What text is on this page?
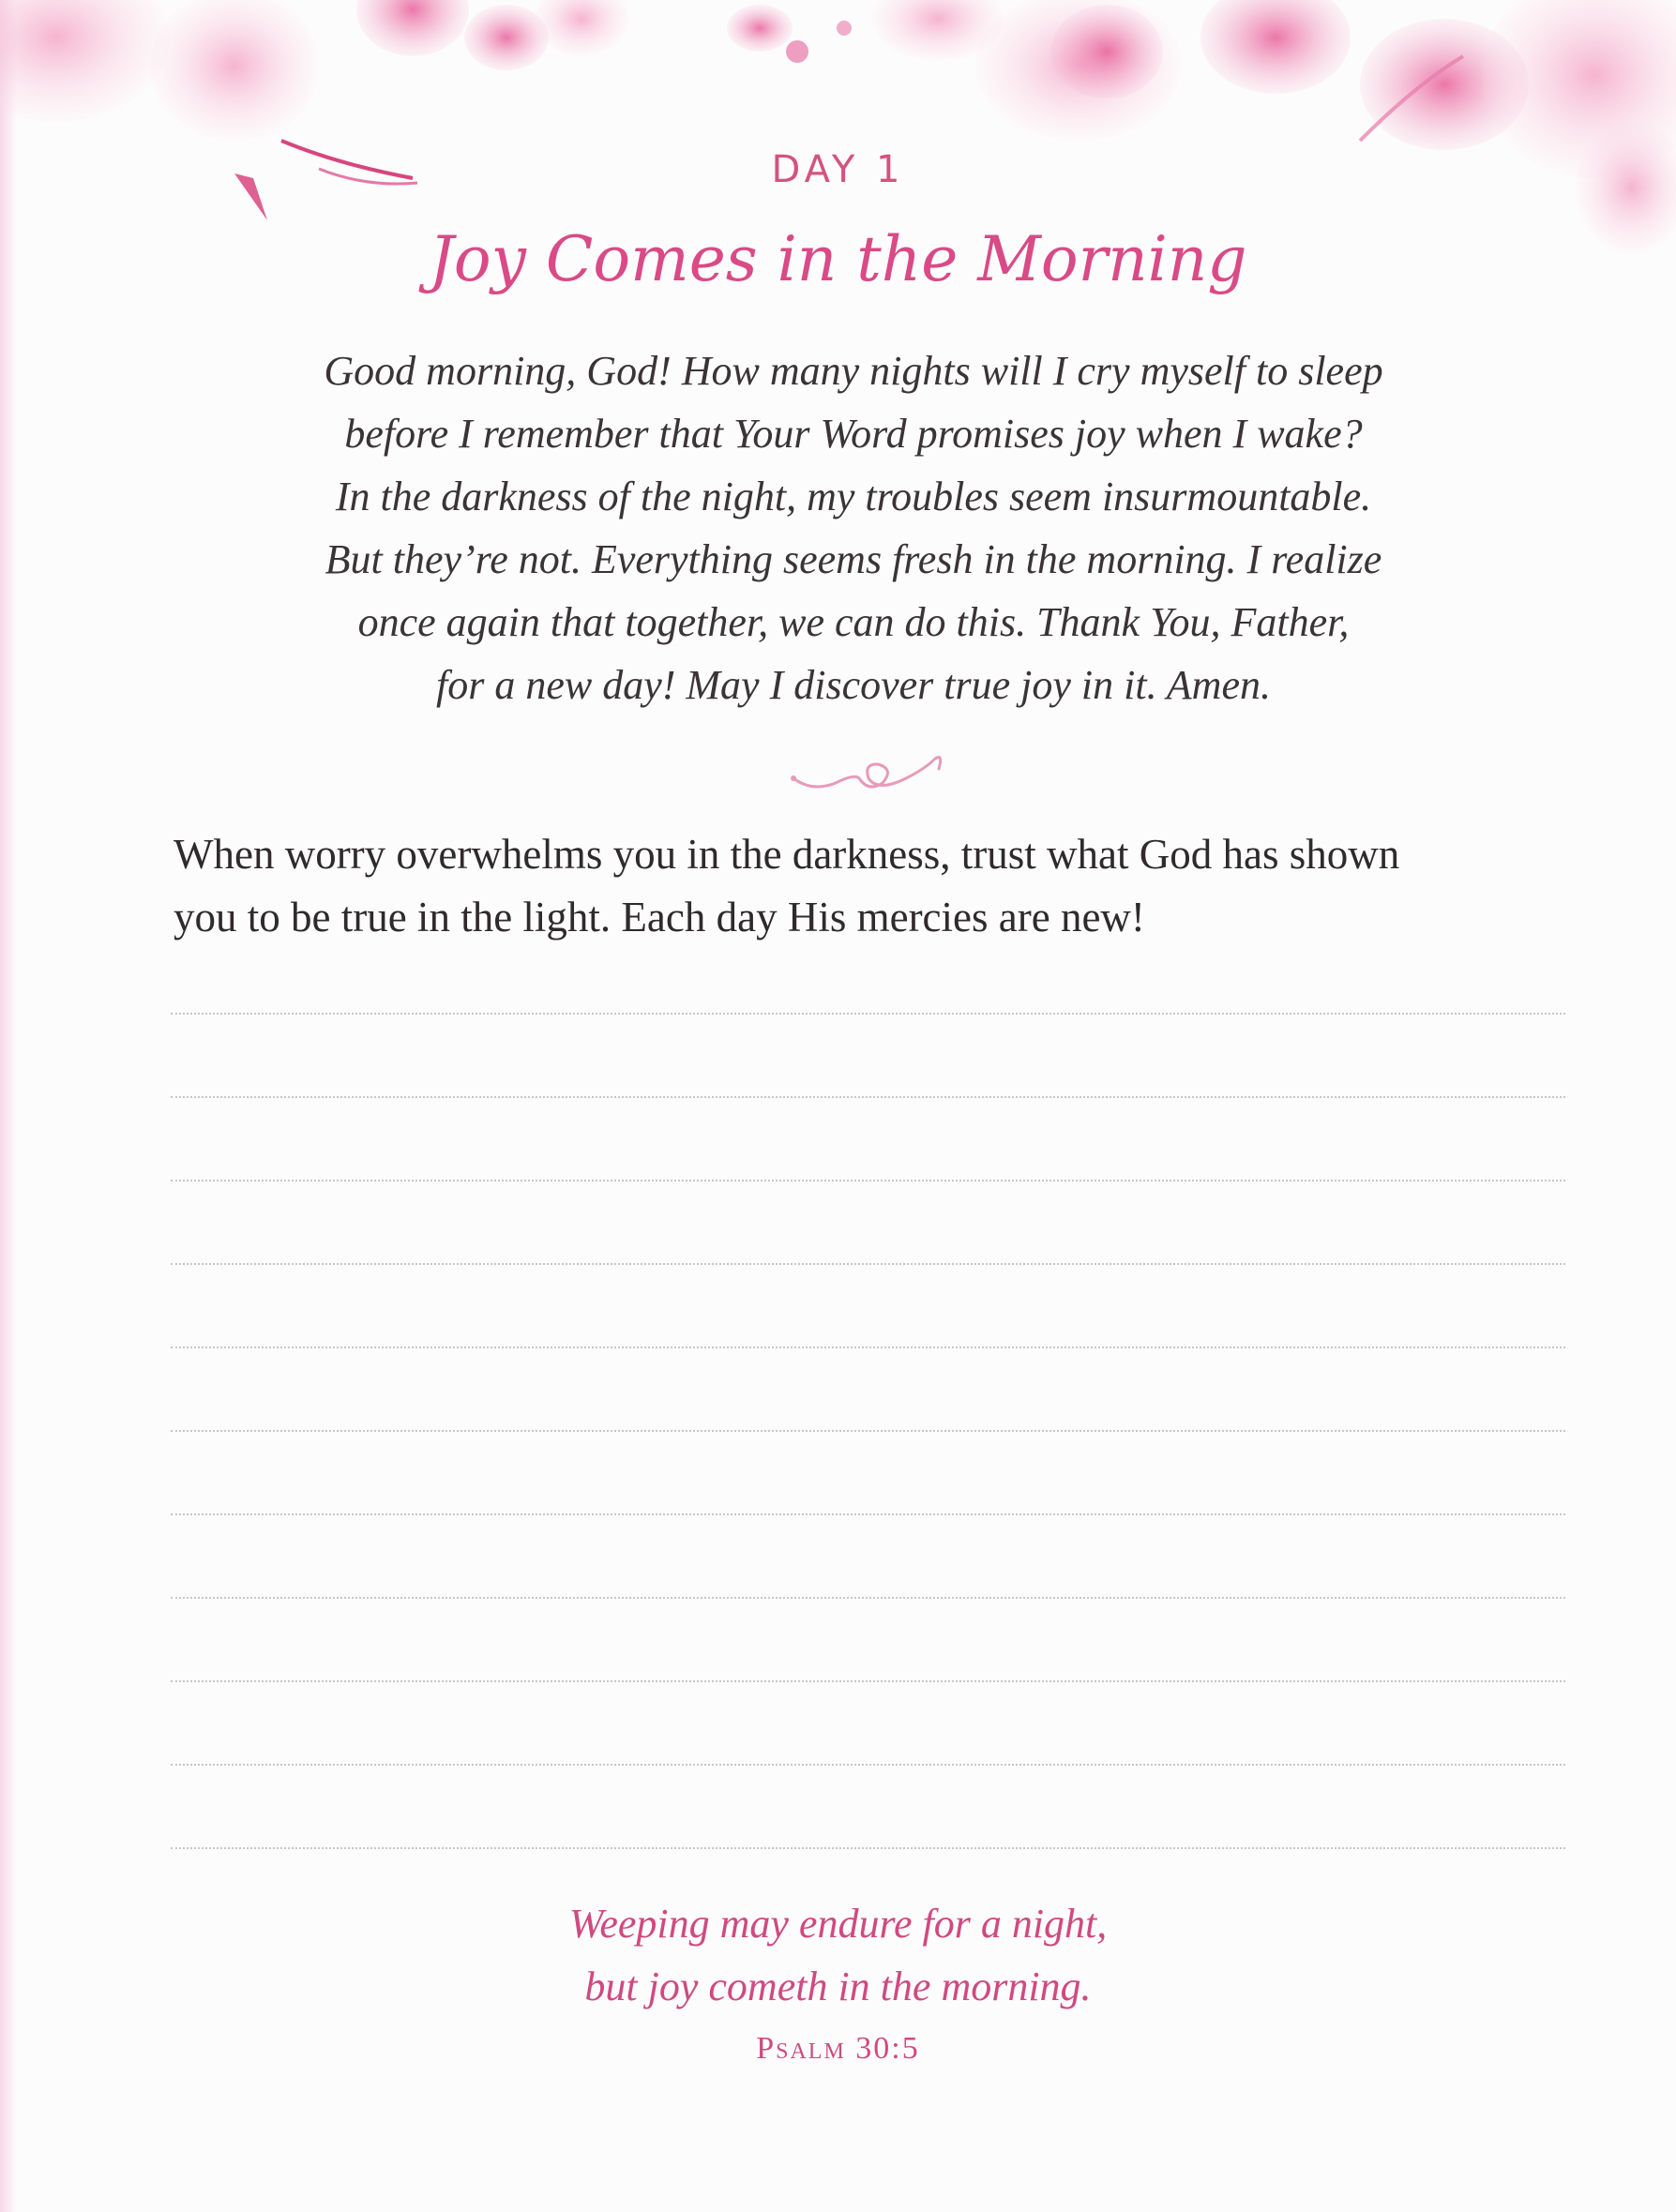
DAY 1
Joy Comes in the Morning
Good morning, God! How many nights will I cry myself to sleep
before I remember that Your Word promises joy when I wake?
In the darkness of the night, my troubles seem insurmountable.
But they’re not. Everything seems fresh in the morning. I realize
once again that together, we can do this. Thank You, Father,
for a new day! May I discover true joy in it. Amen.
When worry overwhelms you in the darkness, trust what God has shown
you to be true in the light. Each day His mercies are new!
Weeping may endure for a night,
but joy cometh in the morning.
Psalm 30:5
